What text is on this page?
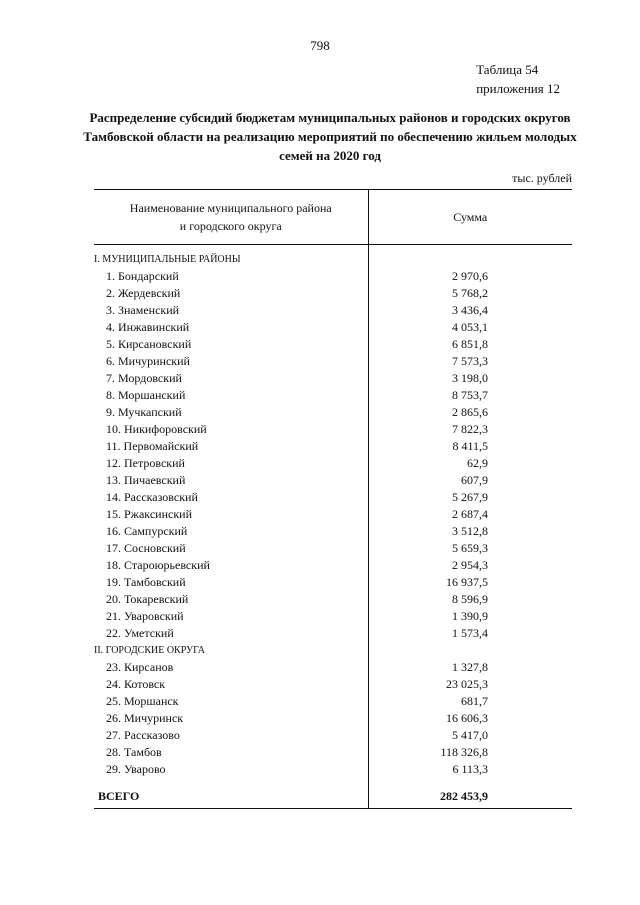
798
Таблица 54
приложения 12
Распределение субсидий бюджетам муниципальных районов и городских округов Тамбовской области на реализацию мероприятий по обеспечению жильем молодых семей на 2020 год
тыс. рублей
Наименование муниципального района
и городского округа	Сумма

I. МУНИЦИПАЛЬНЫЕ РАЙОНЫ	
1. Бондарский	2 970,6
2. Жердевский	5 768,2
3. Знаменский	3 436,4
4. Инжавинский	4 053,1
5. Кирсановский	6 851,8
6. Мичуринский	7 573,3
7. Мордовский	3 198,0
8. Моршанский	8 753,7
9. Мучкапский	2 865,6
10. Никифоровский	7 822,3
11. Первомайский	8 411,5
12. Петровский	62,9
13. Пичаевский	607,9
14. Рассказовский	5 267,9
15. Ржаксинский	2 687,4
16. Сампурский	3 512,8
17. Сосновский	5 659,3
18. Староюрьевский	2 954,3
19. Тамбовский	16 937,5
20. Токаревский	8 596,9
21. Уваровский	1 390,9
22. Уметский	1 573,4
II. ГОРОДСКИЕ ОКРУГА	
23. Кирсанов	1 327,8
24. Котовск	23 025,3
25. Моршанск	681,7
26. Мичуринск	16 606,3
27. Рассказово	5 417,0
28. Тамбов	118 326,8
29. Уварово	6 113,3

ВСЕГО	282 453,9
